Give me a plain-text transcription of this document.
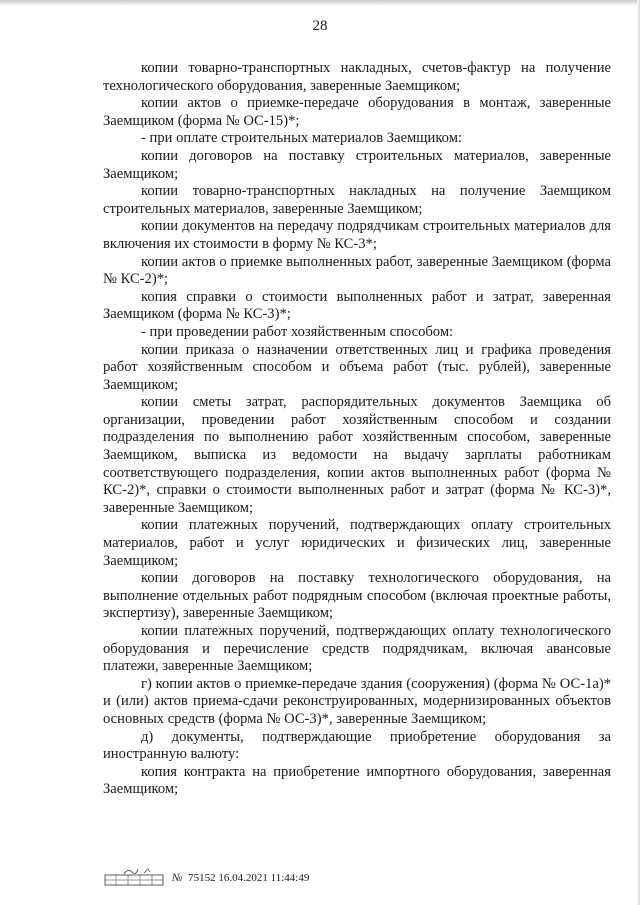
28

копии товарно-транспортных накладных, счетов-фактур на получение технологического оборудования, заверенные Заемщиком;

копии актов о приемке-передаче оборудования в монтаж, заверенные Заемщиком (форма № ОС-15)*;

- при оплате строительных материалов Заемщиком:

копии договоров на поставку строительных материалов, заверенные Заемщиком;

копии товарно-транспортных накладных на получение Заемщиком строительных материалов, заверенные Заемщиком;

копии документов на передачу подрядчикам строительных материалов для включения их стоимости в форму № КС-3*;

копии актов о приемке выполненных работ, заверенные Заемщиком (форма № КС-2)*;

копия справки о стоимости выполненных работ и затрат, заверенная Заемщиком (форма № КС-3)*;

- при проведении работ хозяйственным способом:

копии приказа о назначении ответственных лиц и графика проведения работ хозяйственным способом и объема работ (тыс. рублей), заверенные Заемщиком;

копии сметы затрат, распорядительных документов Заемщика об организации, проведении работ хозяйственным способом и создании подразделения по выполнению работ хозяйственным способом, заверенные Заемщиком, выписка из ведомости на выдачу зарплаты работникам соответствующего подразделения, копии актов выполненных работ (форма № КС-2)*, справки о стоимости выполненных работ и затрат (форма № КС-3)*, заверенные Заемщиком;

копии платежных поручений, подтверждающих оплату строительных материалов, работ и услуг юридических и физических лиц, заверенные Заемщиком;

копии договоров на поставку технологического оборудования, на выполнение отдельных работ подрядным способом (включая проектные работы, экспертизу), заверенные Заемщиком;

копии платежных поручений, подтверждающих оплату технологического оборудования и перечисление средств подрядчикам, включая авансовые платежи, заверенные Заемщиком;

г) копии актов о приемке-передаче здания (сооружения) (форма № ОС-1а)* и (или) актов приема-сдачи реконструированных, модернизированных объектов основных средств (форма № ОС-3)*, заверенные Заемщиком;

д) документы, подтверждающие приобретение оборудования за иностранную валюту:

копия контракта на приобретение импортного оборудования, заверенная Заемщиком;

№ 75152 16.04.2021 11:44:49
